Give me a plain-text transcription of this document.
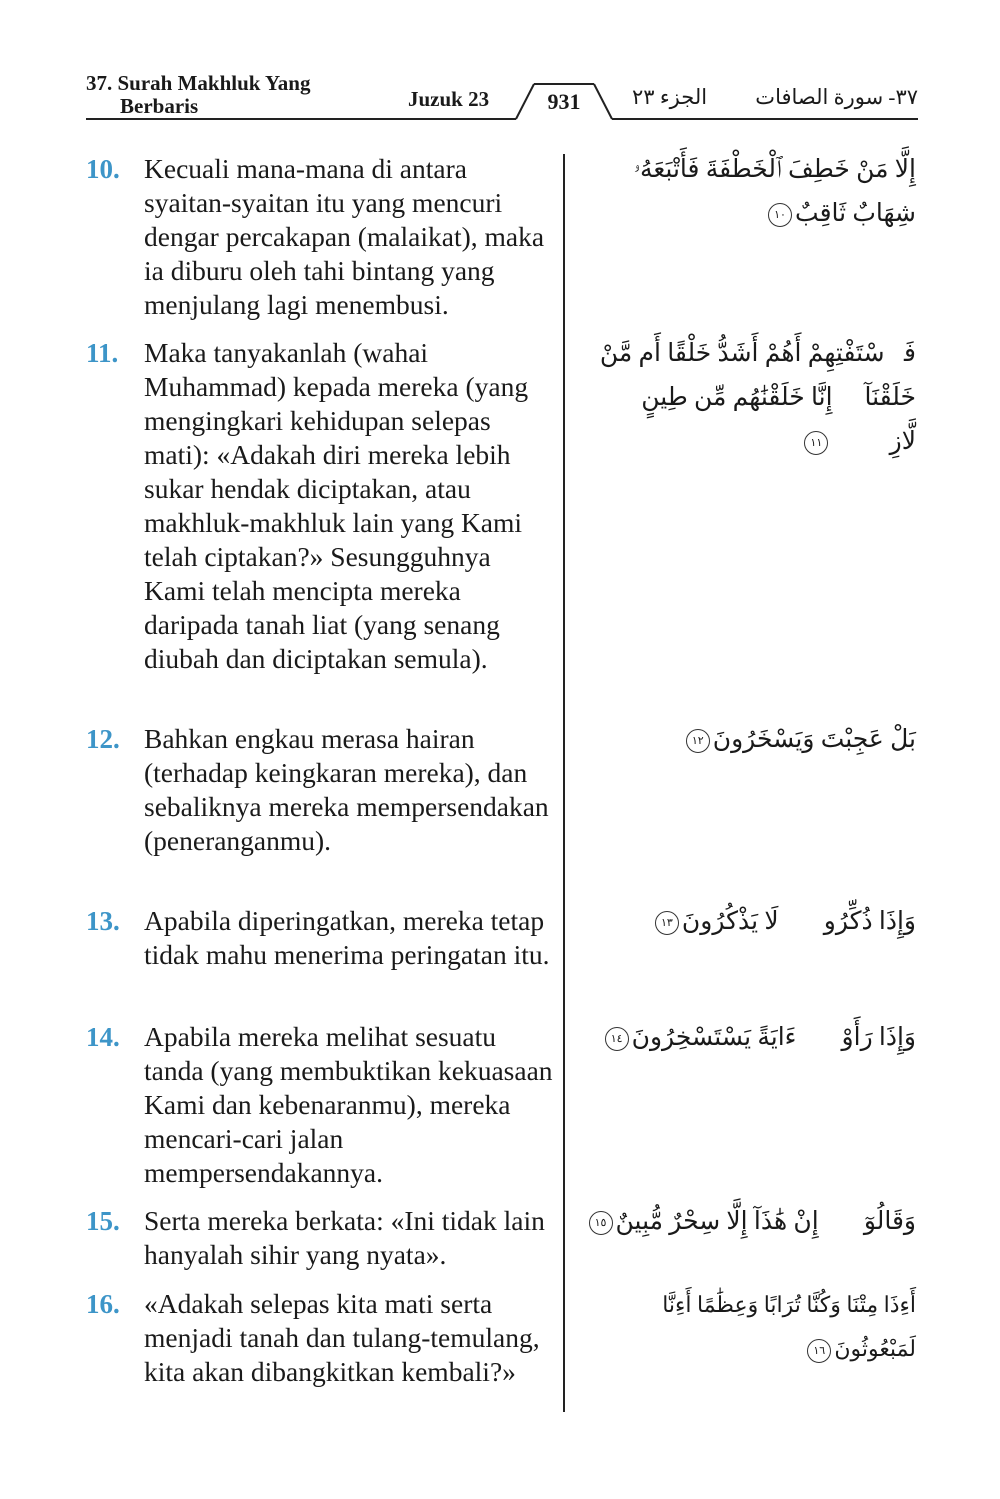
37. Surah Makhluk Yang
Berbaris	Juzuk 23	931	الجزء ٢٣ ٣٧- سورة الصافات
10. Kecuali mana-mana di antara syaitan-syaitan itu yang mencuri dengar percakapan (malaikat), maka ia diburu oleh tahi bintang yang menjulang lagi menembusi.
إِلَّا مَنْ خَطِفَ ٱلْخَطْفَةَ فَأَتْبَعَهُۥ شِهَابٌ ثَاقِبٌ١٠
11. Maka tanyakanlah (wahai Muhammad) kepada mereka (yang mengingkari kehidupan selepas mati): «Adakah diri mereka lebih sukar hendak diciptakan, atau makhluk-makhluk lain yang Kami telah ciptakan?» Sesungguhnya Kami telah mencipta mereka daripada tanah liat (yang senang diubah dan diciptakan semula).
فَٱسْتَفْتِهِمْ أَهُمْ أَشَدُّ خَلْقًا أَم مَّنْ خَلَقْنَآ ۚ إِنَّا خَلَقْنَٰهُم مِّن طِينٍ لَّازِبٍۭ١١
12. Bahkan engkau merasa hairan (terhadap keingkaran mereka), dan sebaliknya mereka mempersendakan (peneranganmu).
بَلْ عَجِبْتَ وَيَسْخَرُونَ١٢
13. Apabila diperingatkan, mereka tetap tidak mahu menerima peringatan itu.
وَإِذَا ذُكِّرُوا۟ لَا يَذْكُرُونَ١٣
14. Apabila mereka melihat sesuatu tanda (yang membuktikan kekuasaan Kami dan kebenaranmu), mereka mencari-cari jalan mempersendakannya.
وَإِذَا رَأَوْا۟ ءَايَةً يَسْتَسْخِرُونَ١٤
15. Serta mereka berkata: «Ini tidak lain hanyalah sihir yang nyata».
وَقَالُوٓا۟ إِنْ هَٰذَآ إِلَّا سِحْرٌ مُّبِينٌ١٥
16. «Adakah selepas kita mati serta menjadi tanah dan tulang-temulang, kita akan dibangkitkan kembali?»
أَءِذَا مِتْنَا وَكُنَّا تُرَابًا وَعِظَٰمًا أَءِنَّا لَمَبْعُوثُونَ١٦
